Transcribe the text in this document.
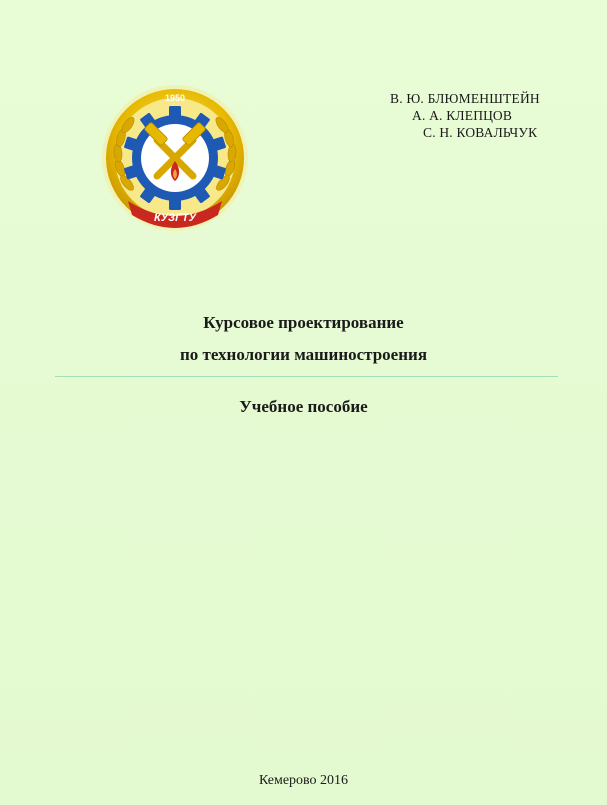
1950
КУЗГТУ
В. Ю. БЛЮМЕНШТЕЙН
А. А. КЛЕПЦОВ
С. Н. КОВАЛЬЧУК
Курсовое проектирование
по технологии машиностроения
Учебное пособие
Кемерово 2016
